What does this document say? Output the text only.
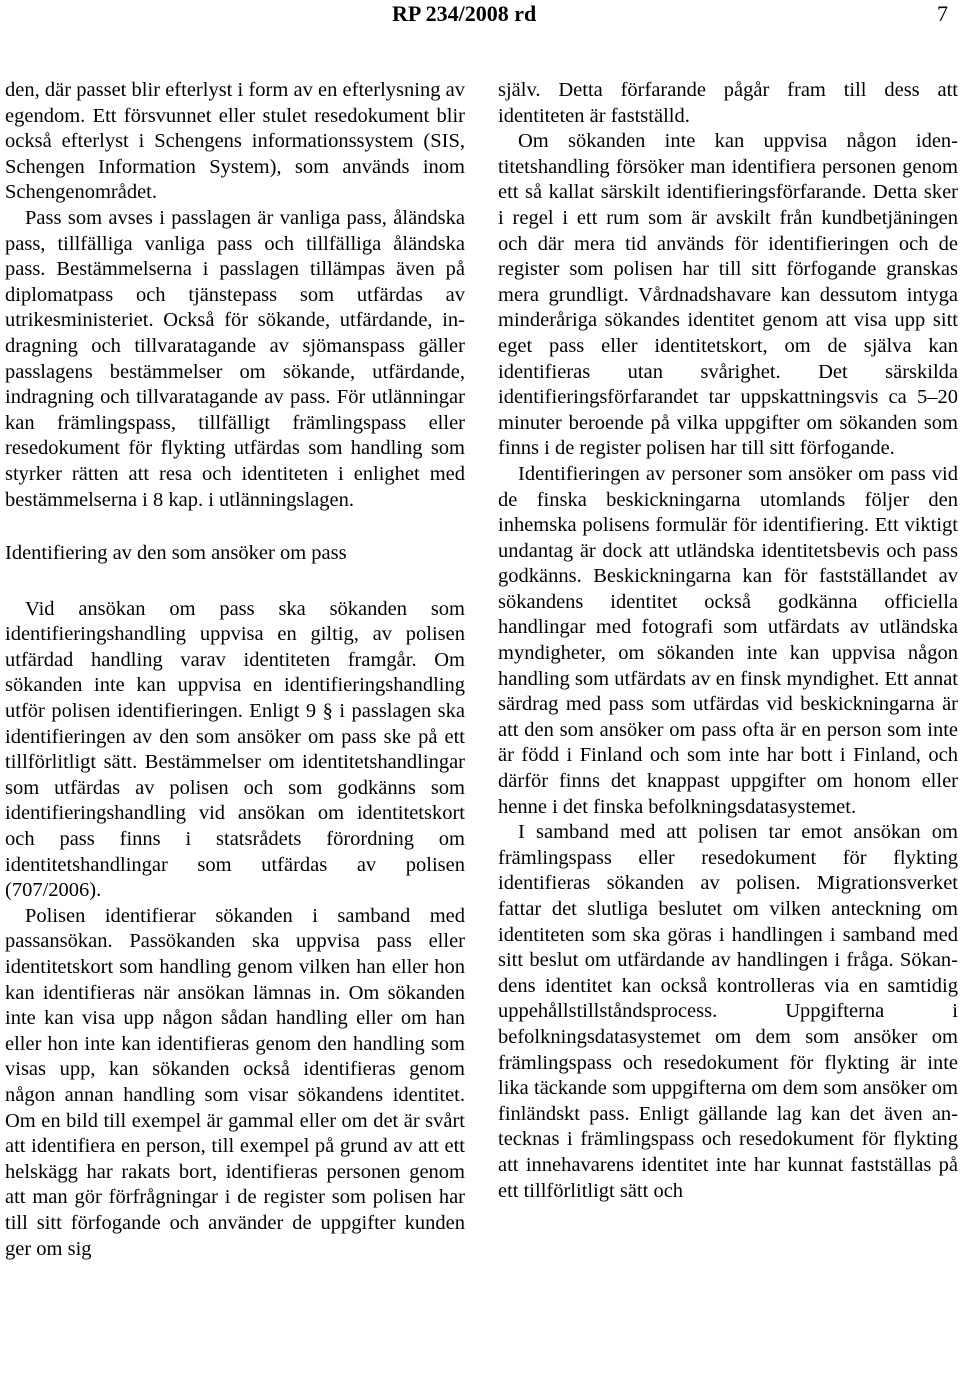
RP 234/2008 rd	7

den, där passet blir efterlyst i form av en efterlysning av egendom. Ett försvunnet eller stulet resedokument blir också efterlyst i Schengens informationssystem (SIS, Schengen Information System), som används inom Schengenområdet.

Pass som avses i passlagen är vanliga pass, åländska pass, tillfälliga vanliga pass och tillfälliga åländska pass. Bestämmelserna i passlagen tillämpas även på diplomatpass och tjänstepass som utfärdas av utrikesministeriet. Också för sökande, utfärdande, indragning och tillvaratagande av sjömanspass gäller passlagens bestämmelser om sökande, utfärdande, indragning och tillvaratagande av pass. För utlänningar kan främlingspass, tillfälligt främlingspass eller resedokument för flykting utfärdas som handling som styrker rätten att resa och identiteten i enlighet med bestämmelserna i 8 kap. i utlänningslagen.

Identifiering av den som ansöker om pass

Vid ansökan om pass ska sökanden som identifieringshandling uppvisa en giltig, av polisen utfärdad handling varav identiteten framgår. Om sökanden inte kan uppvisa en identifieringshandling utför polisen identifieringen. Enligt 9 § i passlagen ska identifieringen av den som ansöker om pass ske på ett tillförlitligt sätt. Bestämmelser om identitetshandlingar som utfärdas av polisen och som godkänns som identifieringshandling vid ansökan om identitetskort och pass finns i statsrådets förordning om identitetshandlingar som utfärdas av polisen (707/2006).

Polisen identifierar sökanden i samband med passansökan. Passökanden ska uppvisa pass eller identitetskort som handling genom vilken han eller hon kan identifieras när ansökan lämnas in. Om sökanden inte kan visa upp någon sådan handling eller om han eller hon inte kan identifieras genom den handling som visas upp, kan sökanden också identifieras genom någon annan handling som visar sökandens identitet. Om en bild till exempel är gammal eller om det är svårt att identifiera en person, till exempel på grund av att ett helskägg har rakats bort, identifieras personen genom att man gör förfrågningar i de register som polisen har till sitt förfogande och använder de uppgifter kunden ger om sig

själv. Detta förfarande pågår fram till dess att identiteten är fastställd.

Om sökanden inte kan uppvisa någon identitetshandling försöker man identifiera personen genom ett så kallat särskilt identifieringsförfarande. Detta sker i regel i ett rum som är avskilt från kundbetjäningen och där mera tid används för identifieringen och de register som polisen har till sitt förfogande granskas mera grundligt. Vårdnadshavare kan dessutom intyga minderåriga sökandes identitet genom att visa upp sitt eget pass eller identitetskort, om de själva kan identifieras utan svårighet. Det särskilda identifieringsförfarandet tar uppskattningsvis ca 5–20 minuter beroende på vilka uppgifter om sökanden som finns i de register polisen har till sitt förfogande.

Identifieringen av personer som ansöker om pass vid de finska beskickningarna utomlands följer den inhemska polisens formulär för identifiering. Ett viktigt undantag är dock att utländska identitetsbevis och pass godkänns. Beskickningarna kan för fastställandet av sökandens identitet också godkänna officiella handlingar med fotografi som utfärdats av utländska myndigheter, om sökanden inte kan uppvisa någon handling som utfärdats av en finsk myndighet. Ett annat särdrag med pass som utfärdas vid beskickningarna är att den som ansöker om pass ofta är en person som inte är född i Finland och som inte har bott i Finland, och därför finns det knappast uppgifter om honom eller henne i det finska befolkningsdatasystemet.

I samband med att polisen tar emot ansökan om främlingspass eller resedokument för flykting identifieras sökanden av polisen. Migrationsverket fattar det slutliga beslutet om vilken anteckning om identiteten som ska göras i handlingen i samband med sitt beslut om utfärdande av handlingen i fråga. Sökandens identitet kan också kontrolleras via en samtidig uppehållstillståndsprocess. Uppgifterna i befolkningsdatasystemet om dem som ansöker om främlingspass och resedokument för flykting är inte lika täckande som uppgifterna om dem som ansöker om finländskt pass. Enligt gällande lag kan det även antecknas i främlingspass och resedokument för flykting att innehavarens identitet inte har kunnat fastställas på ett tillförlitligt sätt och
